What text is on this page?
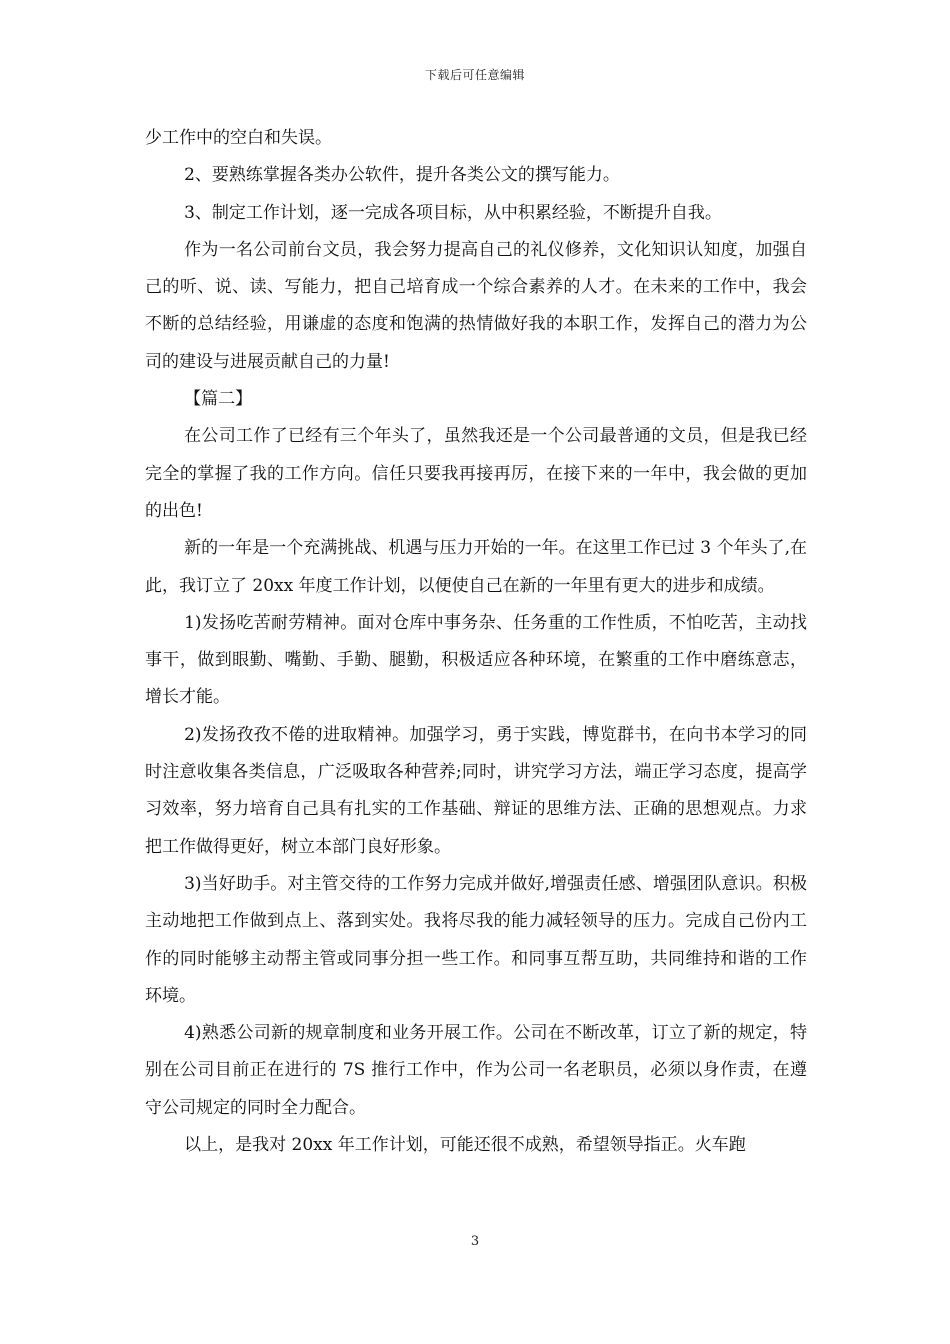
下载后可任意编辑

少工作中的空白和失误。

2、要熟练掌握各类办公软件，提升各类公文的撰写能力。

3、制定工作计划，逐一完成各项目标，从中积累经验，不断提升自我。

作为一名公司前台文员，我会努力提高自己的礼仪修养，文化知识认知度，加强自己的听、说、读、写能力，把自己培育成一个综合素养的人才。在未来的工作中，我会不断的总结经验，用谦虚的态度和饱满的热情做好我的本职工作，发挥自己的潜力为公司的建设与进展贡献自己的力量!

【篇二】

在公司工作了已经有三个年头了，虽然我还是一个公司最普通的文员，但是我已经完全的掌握了我的工作方向。信任只要我再接再厉，在接下来的一年中，我会做的更加的出色!

新的一年是一个充满挑战、机遇与压力开始的一年。在这里工作已过 3 个年头了,在此，我订立了 20xx 年度工作计划，以便使自己在新的一年里有更大的进步和成绩。

1)发扬吃苦耐劳精神。面对仓库中事务杂、任务重的工作性质，不怕吃苦，主动找事干，做到眼勤、嘴勤、手勤、腿勤，积极适应各种环境，在繁重的工作中磨练意志，增长才能。

2)发扬孜孜不倦的进取精神。加强学习，勇于实践，博览群书，在向书本学习的同时注意收集各类信息，广泛吸取各种营养;同时，讲究学习方法，端正学习态度，提高学习效率，努力培育自己具有扎实的工作基础、辩证的思维方法、正确的思想观点。力求把工作做得更好，树立本部门良好形象。

3)当好助手。对主管交待的工作努力完成并做好,增强责任感、增强团队意识。积极主动地把工作做到点上、落到实处。我将尽我的能力减轻领导的压力。完成自己份内工作的同时能够主动帮主管或同事分担一些工作。和同事互帮互助，共同维持和谐的工作环境。

4)熟悉公司新的规章制度和业务开展工作。公司在不断改革，订立了新的规定，特别在公司目前正在进行的 7S 推行工作中，作为公司一名老职员，必须以身作责，在遵守公司规定的同时全力配合。

以上，是我对 20xx 年工作计划，可能还很不成熟，希望领导指正。火车跑

3
